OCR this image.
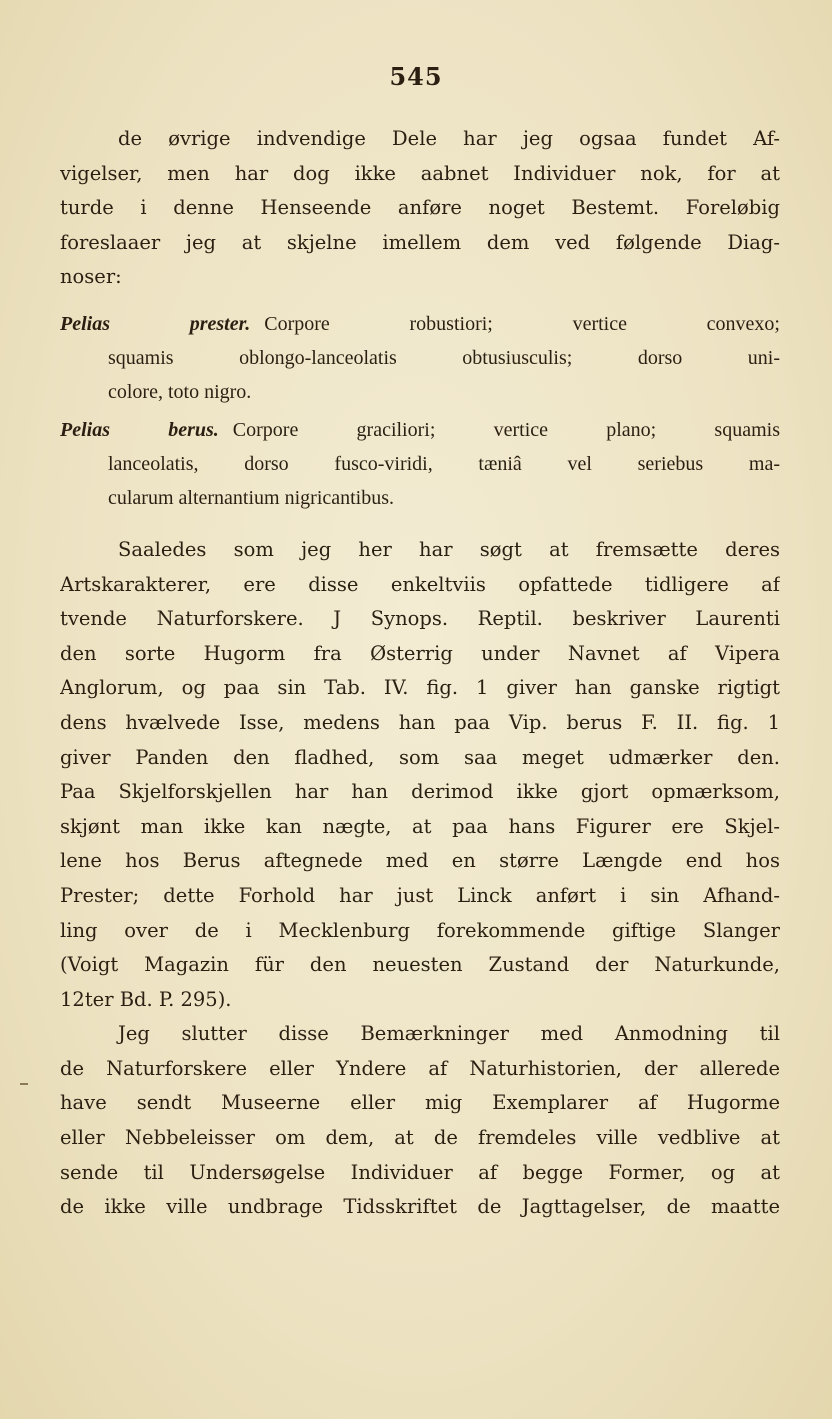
545

de øvrige indvendige Dele har jeg ogsaa fundet Af-
vigelser, men har dog ikke aabnet Individuer nok, for at
turde i denne Henseende anføre noget Bestemt. Foreløbig
foreslaaer jeg at skjelne imellem dem ved følgende Diag-
noser:

Pelias prester. Corpore robustiori; vertice convexo;
squamis oblongo-lanceolatis obtusiusculis; dorso uni-
colore, toto nigro.
Pelias berus. Corpore graciliori; vertice plano; squamis
lanceolatis, dorso fusco-viridi, tæniâ vel seriebus ma-
cularum alternantium nigricantibus.

Saaledes som jeg her har søgt at fremsætte deres
Artskarakterer, ere disse enkeltviis opfattede tidligere af
tvende Naturforskere. J Synops. Reptil. beskriver Laurenti
den sorte Hugorm fra Østerrig under Navnet af Vipera
Anglorum, og paa sin Tab. IV. fig. 1 giver han ganske rigtigt
dens hvælvede Isse, medens han paa Vip. berus F. II. fig. 1
giver Panden den fladhed, som saa meget udmærker den.
Paa Skjelforskjellen har han derimod ikke gjort opmærksom,
skjønt man ikke kan nægte, at paa hans Figurer ere Skjel-
lene hos Berus aftegnede med en større Længde end hos
Prester; dette Forhold har just Linck anført i sin Afhand-
ling over de i Mecklenburg forekommende giftige Slanger
(Voigt Magazin für den neuesten Zustand der Naturkunde,
12ter Bd. P. 295).

Jeg slutter disse Bemærkninger med Anmodning til
de Naturforskere eller Yndere af Naturhistorien, der allerede
have sendt Museerne eller mig Exemplarer af Hugorme
eller Nebbeleisser om dem, at de fremdeles ville vedblive at
sende til Undersøgelse Individuer af begge Former, og at
de ikke ville undbrage Tidsskriftet de Jagttagelser, de maatte
